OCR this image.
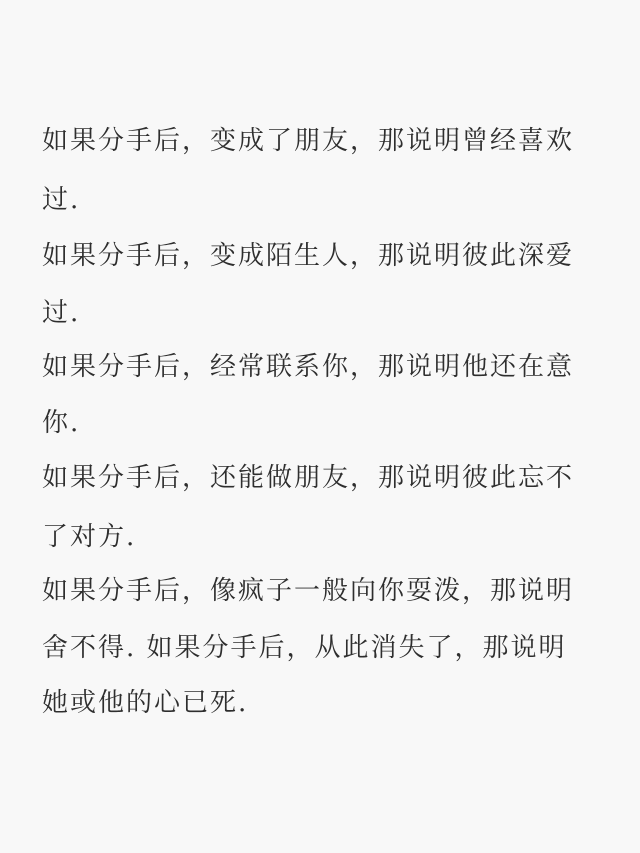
如果分手后，变成了朋友，那说明曾经喜欢
过.
如果分手后，变成陌生人，那说明彼此深爱
过.
如果分手后，经常联系你，那说明他还在意
你.
如果分手后，还能做朋友，那说明彼此忘不
了对方.
如果分手后，像疯子一般向你耍泼，那说明
舍不得. 如果分手后，从此消失了，那说明
她或他的心已死.
